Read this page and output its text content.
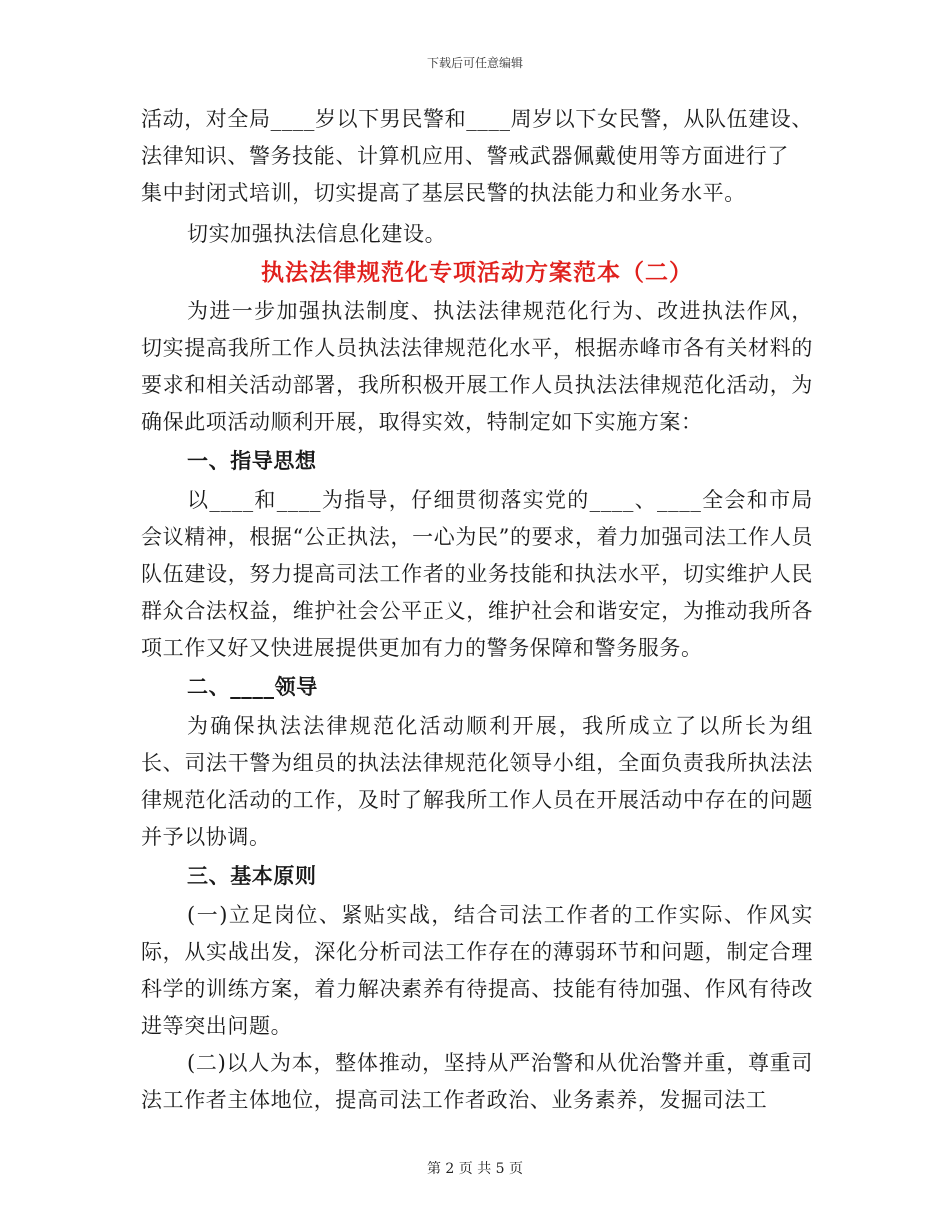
下载后可任意编辑

活动，对全局____岁以下男民警和____周岁以下女民警，从队伍建设、

法律知识、警务技能、计算机应用、警戒武器佩戴使用等方面进行了

集中封闭式培训，切实提高了基层民警的执法能力和业务水平。

切实加强执法信息化建设。

执法法律规范化专项活动方案范本（二）

为进一步加强执法制度、执法法律规范化行为、改进执法作风，切实提高我所工作人员执法法律规范化水平，根据赤峰市各有关材料的要求和相关活动部署，我所积极开展工作人员执法法律规范化活动，为确保此项活动顺利开展，取得实效，特制定如下实施方案：

一、指导思想

以____和____为指导，仔细贯彻落实党的____、____全会和市局会议精神，根据“公正执法，一心为民”的要求，着力加强司法工作人员队伍建设，努力提高司法工作者的业务技能和执法水平，切实维护人民群众合法权益，维护社会公平正义，维护社会和谐安定，为推动我所各项工作又好又快进展提供更加有力的警务保障和警务服务。

二、____领导

为确保执法法律规范化活动顺利开展，我所成立了以所长为组长、司法干警为组员的执法法律规范化领导小组，全面负责我所执法法律规范化活动的工作，及时了解我所工作人员在开展活动中存在的问题并予以协调。

三、基本原则

(一)立足岗位、紧贴实战，结合司法工作者的工作实际、作风实际，从实战出发，深化分析司法工作存在的薄弱环节和问题，制定合理科学的训练方案，着力解决素养有待提高、技能有待加强、作风有待改进等突出问题。

(二)以人为本，整体推动，坚持从严治警和从优治警并重，尊重司法工作者主体地位，提高司法工作者政治、业务素养，发掘司法工

第 2 页 共 5 页
